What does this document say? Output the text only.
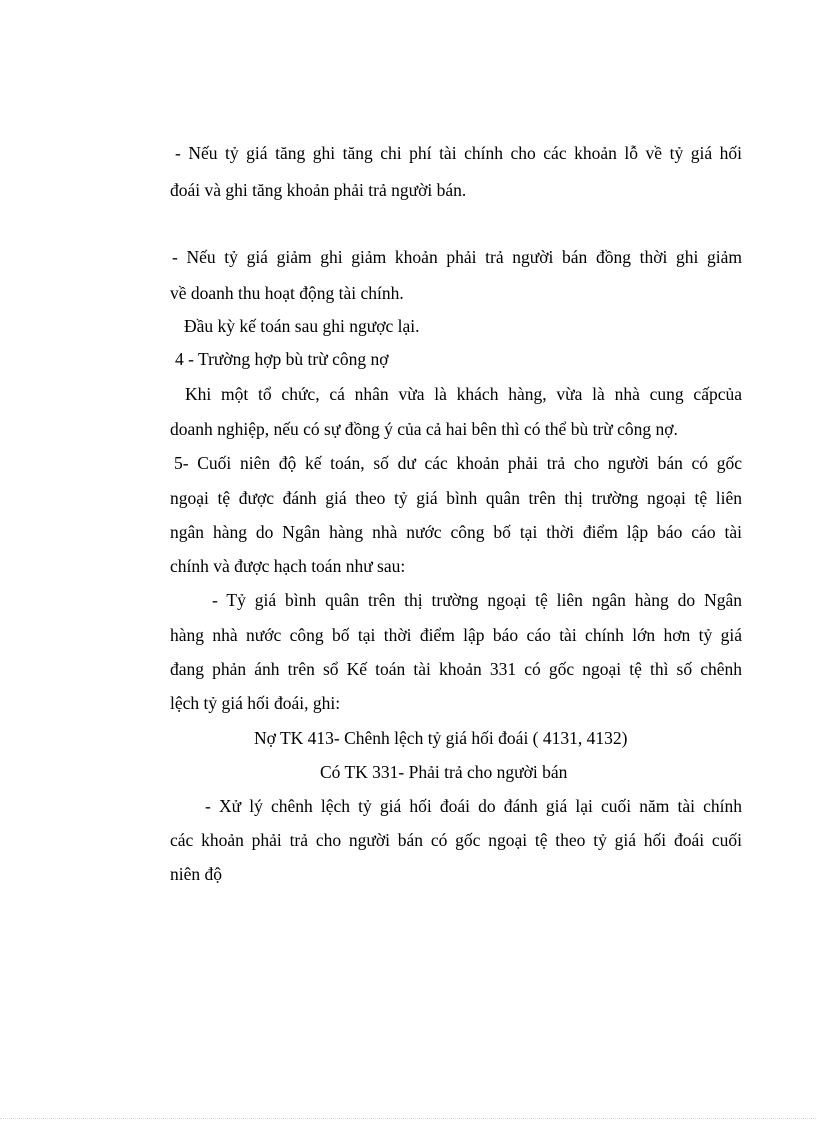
- Nếu tỷ giá tăng ghi tăng chi phí tài chính cho các khoản lỗ về tỷ giá hối
đoái và ghi tăng khoản phải trả người bán.
- Nếu tỷ giá giảm ghi giảm khoản phải trả người bán đồng thời ghi giảm
về doanh thu hoạt động tài chính.
Đầu kỳ kế toán sau ghi ngược lại.
4 - Trường hợp bù trừ công nợ
Khi một tổ chức, cá nhân vừa là khách hàng, vừa là nhà cung cấpcủa
doanh nghiệp, nếu có sự đồng ý của cả hai bên thì có thể bù trừ công nợ.
5- Cuối niên độ kế toán, số dư các khoản phải trả cho người bán có gốc
ngoại tệ được đánh giá theo tỷ giá bình quân trên thị trường ngoại tệ liên
ngân hàng do Ngân hàng nhà nước công bố tại thời điểm lập báo cáo tài
chính và được hạch toán như sau:
- Tỷ giá bình quân trên thị trường ngoại tệ liên ngân hàng do Ngân
hàng nhà nước công bố tại thời điểm lập báo cáo tài chính lớn hơn tỷ giá
đang phản ánh trên sổ Kế toán tài khoản 331 có gốc ngoại tệ thì số chênh
lệch tỷ giá hối đoái, ghi:
Nợ TK 413- Chênh lệch tỷ giá hối đoái ( 4131, 4132)
Có TK 331- Phải trả cho người bán
- Xử lý chênh lệch tỷ giá hối đoái do đánh giá lại cuối năm tài chính
các khoản phải trả cho người bán có gốc ngoại tệ theo tỷ giá hối đoái cuối
niên độ
